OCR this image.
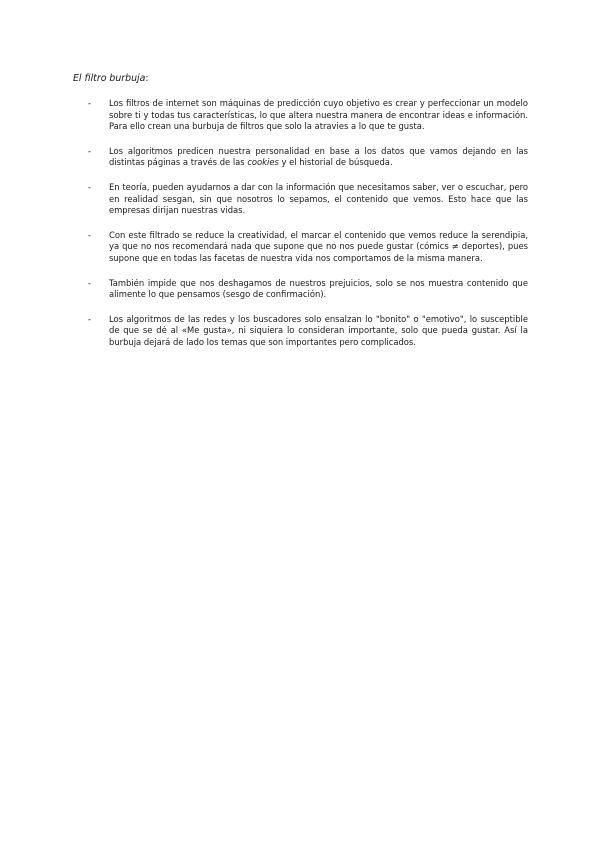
El filtro burbuja:
- Los filtros de internet son máquinas de predicción cuyo objetivo es crear y perfeccionar un modelo sobre ti y todas tus características, lo que altera nuestra manera de encontrar ideas e información. Para ello crean una burbuja de filtros que solo la atravies a lo que te gusta.
- Los algoritmos predicen nuestra personalidad en base a los datos que vamos dejando en las distintas páginas a través de las cookies y el historial de búsqueda.
- En teoría, pueden ayudarnos a dar con la información que necesitamos saber, ver o escuchar, pero en realidad sesgan, sin que nosotros lo sepamos, el contenido que vemos. Esto hace que las empresas dirijan nuestras vidas.
- Con este filtrado se reduce la creatividad, el marcar el contenido que vemos reduce la serendipia, ya que no nos recomendará nada que supone que no nos puede gustar (cómics ≠ deportes), pues supone que en todas las facetas de nuestra vida nos comportamos de la misma manera.
- También impide que nos deshagamos de nuestros prejuicios, solo se nos muestra contenido que alimente lo que pensamos (sesgo de confirmación).
- Los algoritmos de las redes y los buscadores solo ensalzan lo "bonito" o "emotivo", lo susceptible de que se dé al «Me gusta», ni siquiera lo consideran importante, solo que pueda gustar. Así la burbuja dejará de lado los temas que son importantes pero complicados.
